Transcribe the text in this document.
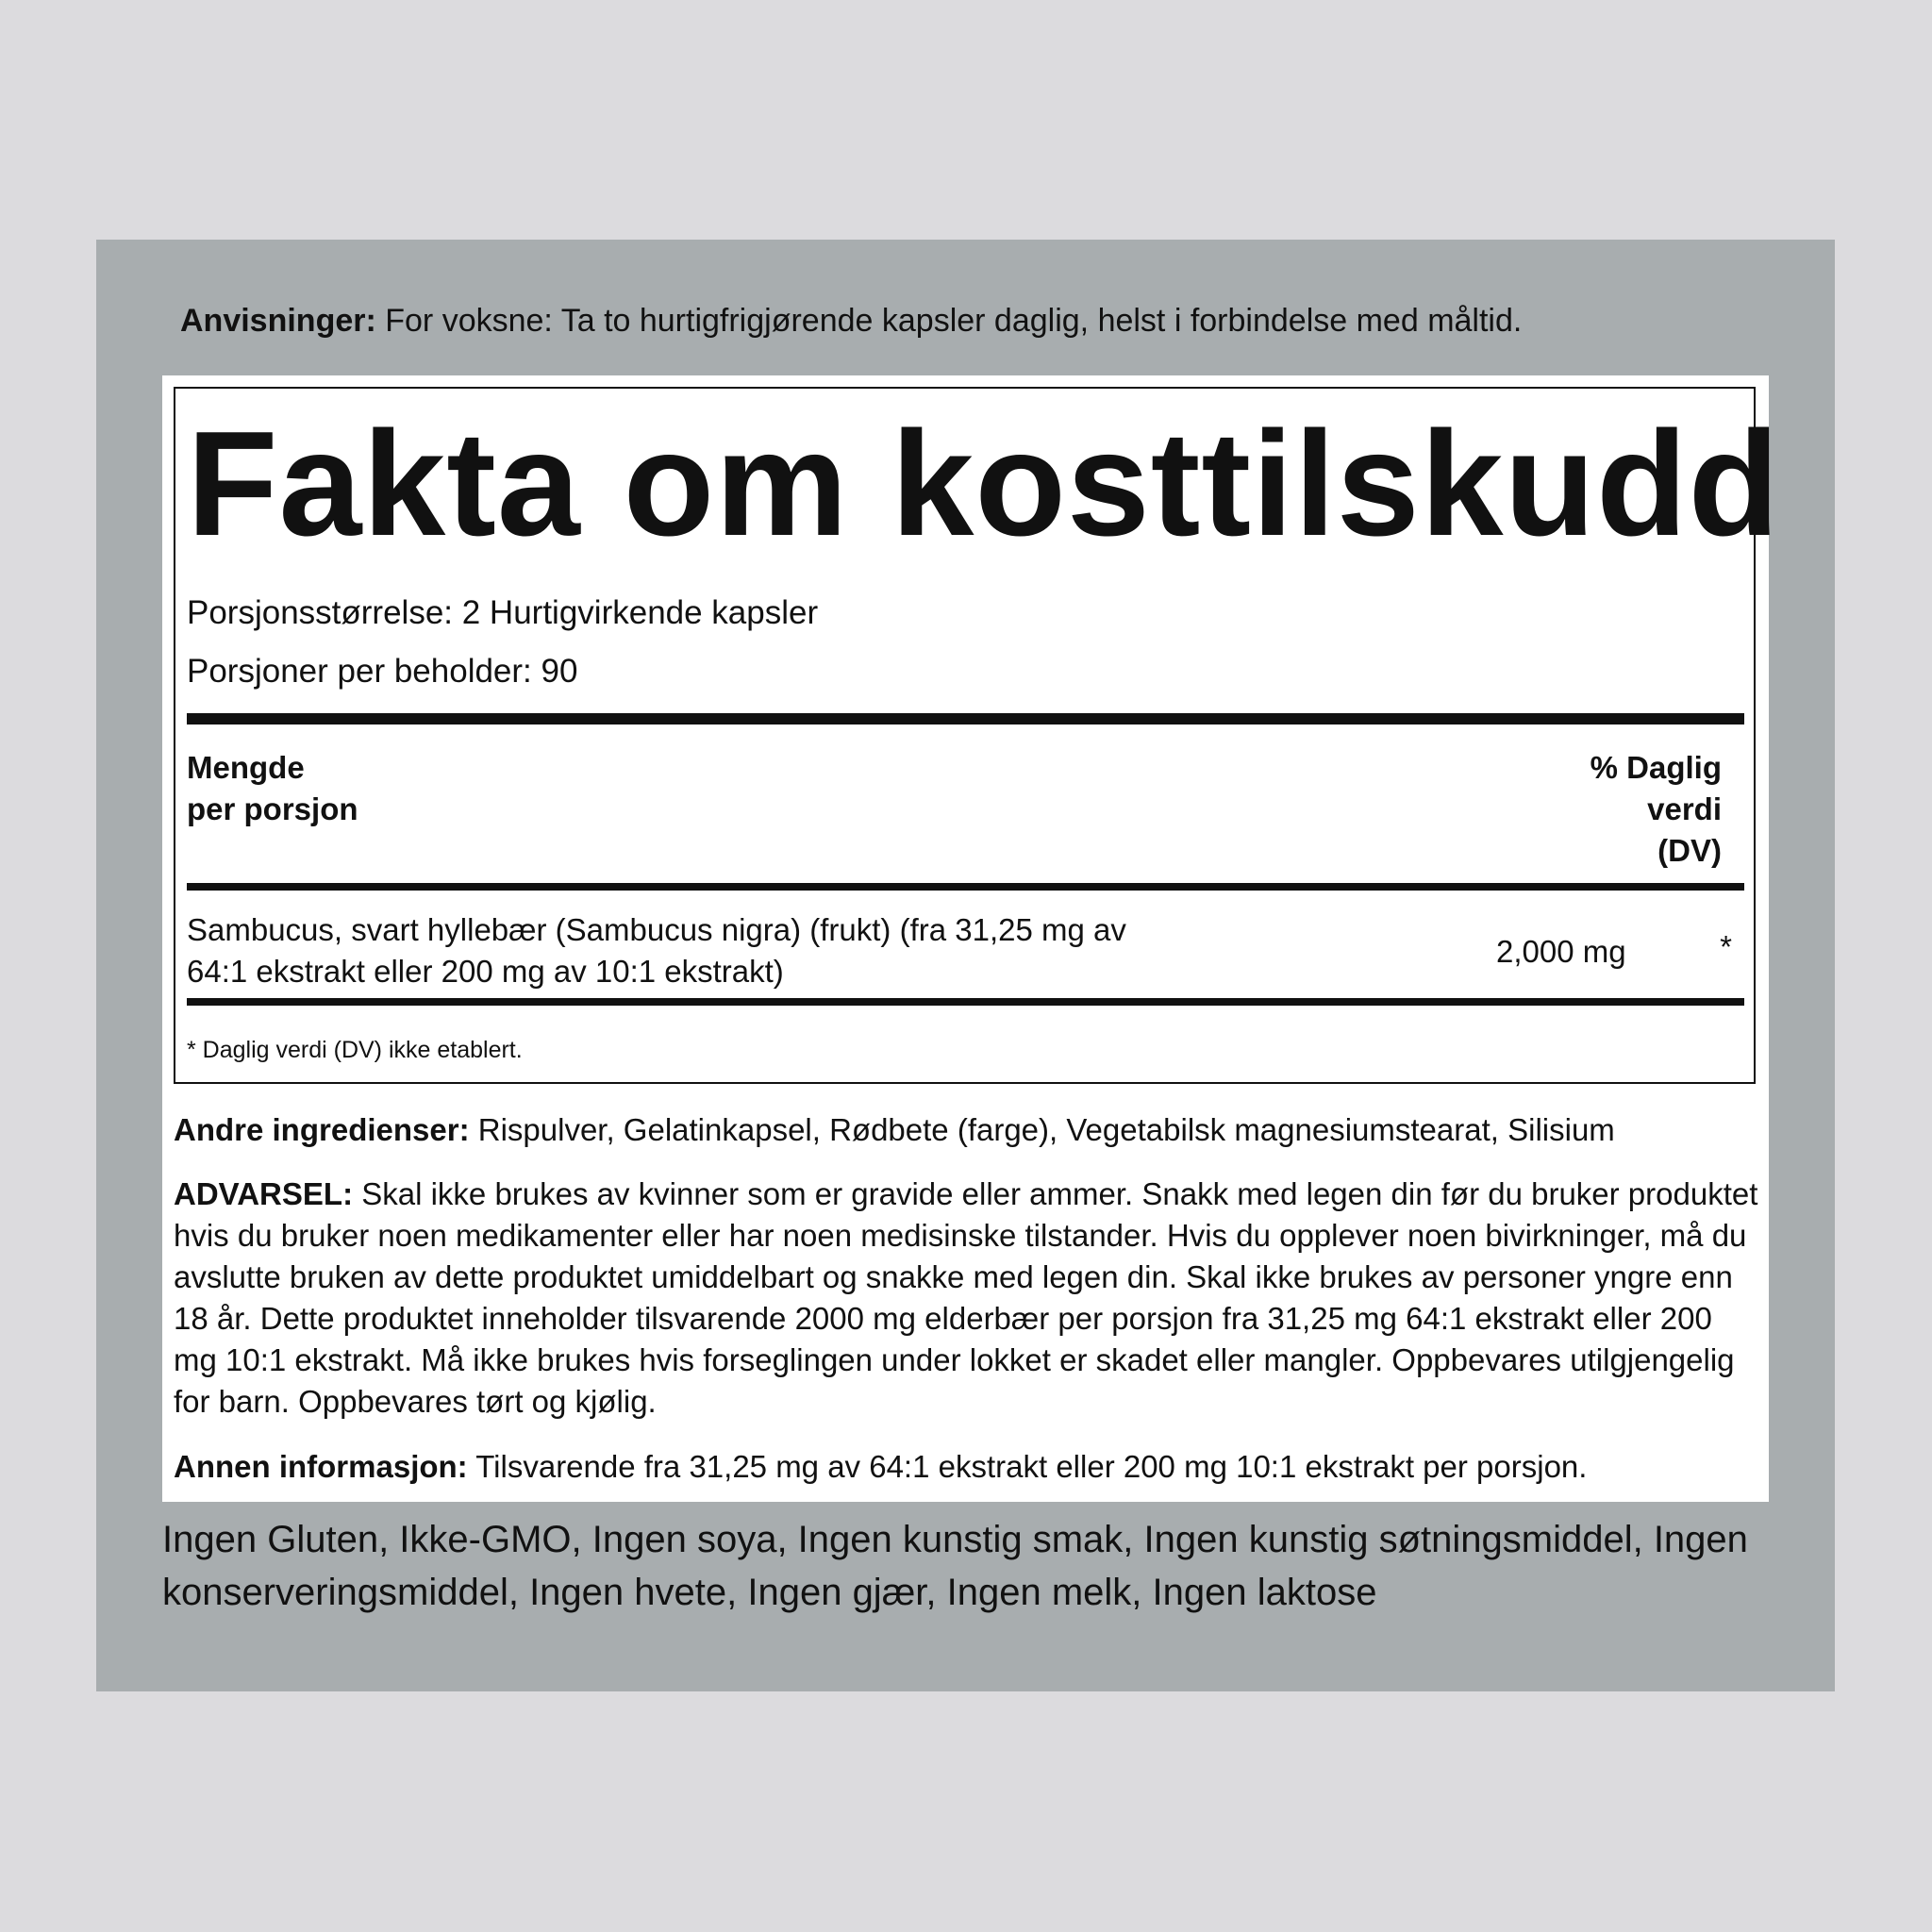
Anvisninger: For voksne: Ta to hurtigfrigjørende kapsler daglig, helst i forbindelse med måltid.
Fakta om kosttilskudd
Porsjonsstørrelse: 2 Hurtigvirkende kapsler
Porsjoner per beholder: 90
Mengde
per porsjon
% Daglig
verdi
(DV)
Sambucus, svart hyllebær (Sambucus nigra) (frukt) (fra 31,25 mg av 64:1 ekstrakt eller 200 mg av 10:1 ekstrakt)
2,000 mg	*
* Daglig verdi (DV) ikke etablert.
Andre ingredienser: Rispulver, Gelatinkapsel, Rødbete (farge), Vegetabilsk magnesiumstearat, Silisium
ADVARSEL: Skal ikke brukes av kvinner som er gravide eller ammer. Snakk med legen din før du bruker produktet hvis du bruker noen medikamenter eller har noen medisinske tilstander. Hvis du opplever noen bivirkninger, må du avslutte bruken av dette produktet umiddelbart og snakke med legen din. Skal ikke brukes av personer yngre enn 18 år. Dette produktet inneholder tilsvarende 2000 mg elderbær per porsjon fra 31,25 mg 64:1 ekstrakt eller 200 mg 10:1 ekstrakt. Må ikke brukes hvis forseglingen under lokket er skadet eller mangler. Oppbevares utilgjengelig for barn. Oppbevares tørt og kjølig.
Annen informasjon: Tilsvarende fra 31,25 mg av 64:1 ekstrakt eller 200 mg 10:1 ekstrakt per porsjon.
Ingen Gluten, Ikke-GMO, Ingen soya, Ingen kunstig smak, Ingen kunstig søtningsmiddel, Ingen konserveringsmiddel, Ingen hvete, Ingen gjær, Ingen melk, Ingen laktose
